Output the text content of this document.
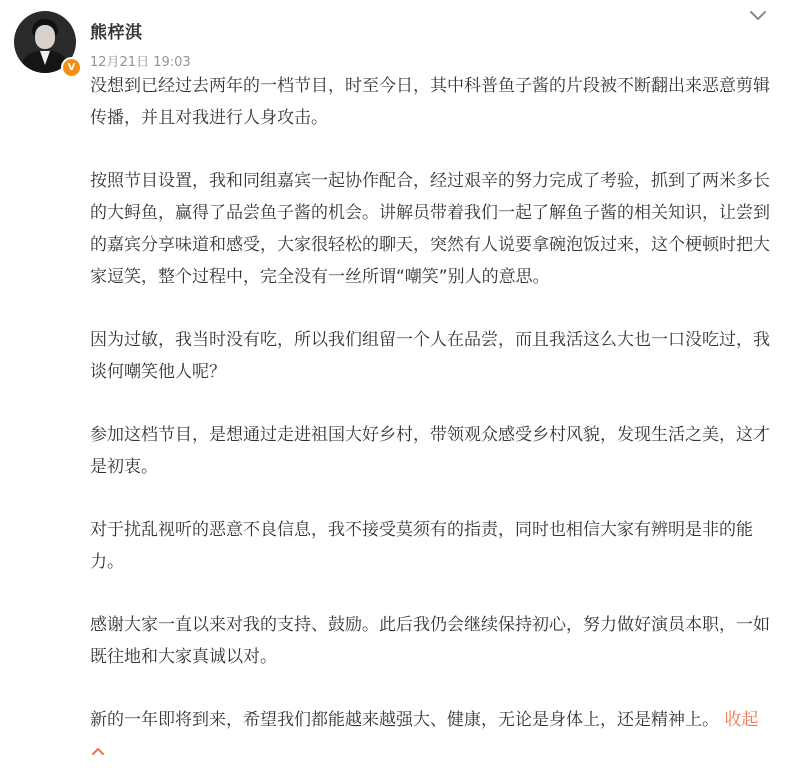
V
熊梓淇
12月21日 19:03

没想到已经过去两年的一档节目，时至今日，其中科普鱼子酱的片段被不断翻出来恶意剪辑传播，并且对我进行人身攻击。

按照节目设置，我和同组嘉宾一起协作配合，经过艰辛的努力完成了考验，抓到了两米多长的大鲟鱼，赢得了品尝鱼子酱的机会。讲解员带着我们一起了解鱼子酱的相关知识，让尝到的嘉宾分享味道和感受，大家很轻松的聊天，突然有人说要拿碗泡饭过来，这个梗顿时把大家逗笑，整个过程中，完全没有一丝所谓“嘲笑”别人的意思。

因为过敏，我当时没有吃，所以我们组留一个人在品尝，而且我活这么大也一口没吃过，我谈何嘲笑他人呢？

参加这档节目，是想通过走进祖国大好乡村，带领观众感受乡村风貌，发现生活之美，这才是初衷。

对于扰乱视听的恶意不良信息，我不接受莫须有的指责，同时也相信大家有辨明是非的能力。

感谢大家一直以来对我的支持、鼓励。此后我仍会继续保持初心，努力做好演员本职，一如既往地和大家真诚以对。

新的一年即将到来，希望我们都能越来越强大、健康，无论是身体上，还是精神上。 收起
